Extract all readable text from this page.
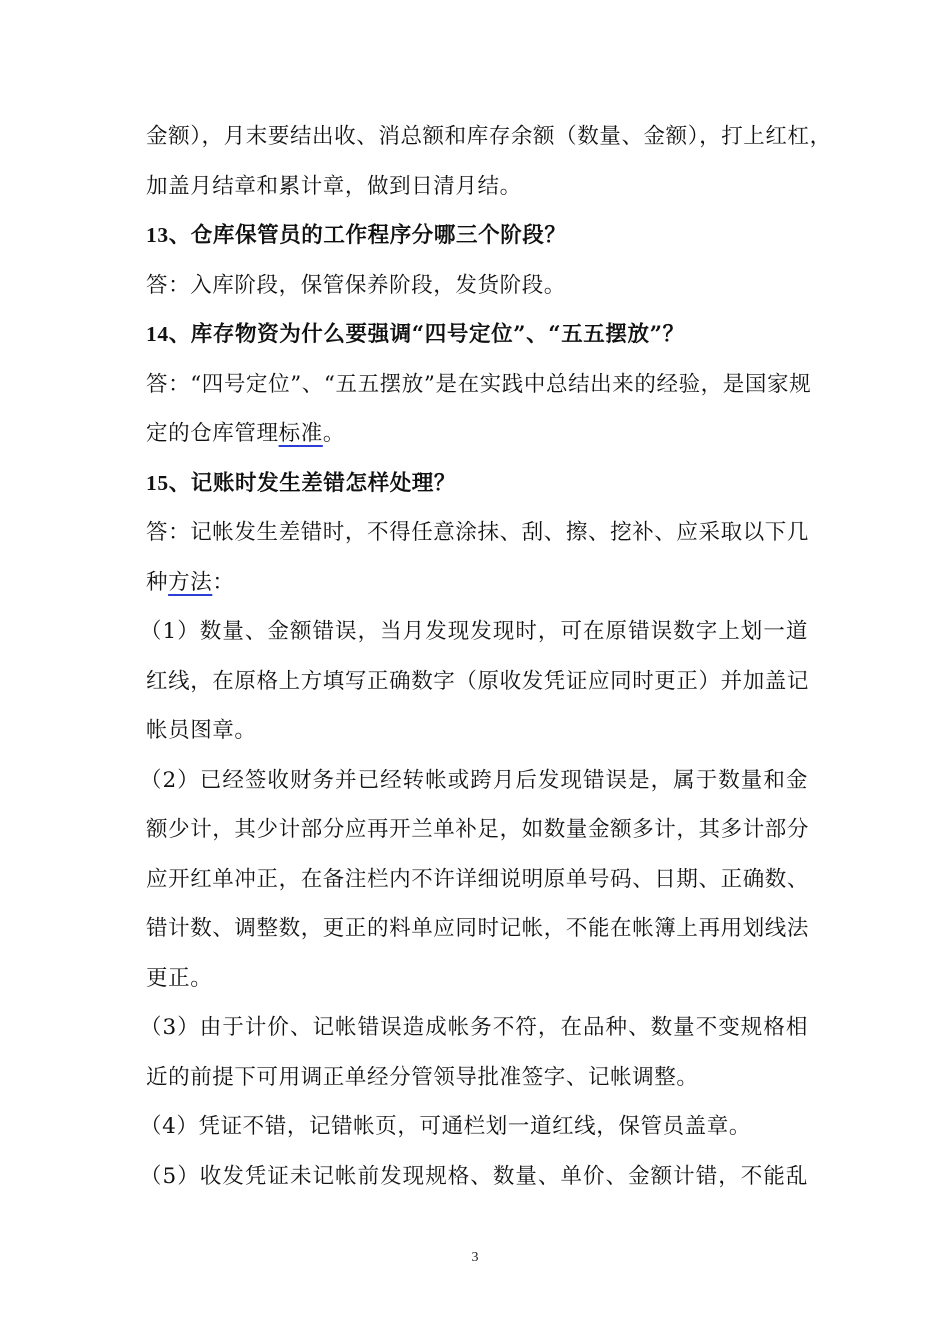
金额），月末要结出收、消总额和库存余额（数量、金额），打上红杠，
加盖月结章和累计章，做到日清月结。
13、仓库保管员的工作程序分哪三个阶段？
答：入库阶段，保管保养阶段，发货阶段。
14、库存物资为什么要强调“四号定位”、“五五摆放”？
答：“四号定位”、“五五摆放”是在实践中总结出来的经验，是国家规
定的仓库管理标准。
15、记账时发生差错怎样处理？
答：记帐发生差错时，不得任意涂抹、刮、擦、挖补、应采取以下几
种方法：
（1）数量、金额错误，当月发现发现时，可在原错误数字上划一道
红线，在原格上方填写正确数字（原收发凭证应同时更正）并加盖记
帐员图章。
（2）已经签收财务并已经转帐或跨月后发现错误是，属于数量和金
额少计，其少计部分应再开兰单补足，如数量金额多计，其多计部分
应开红单冲正，在备注栏内不许详细说明原单号码、日期、正确数、
错计数、调整数，更正的料单应同时记帐，不能在帐簿上再用划线法
更正。
（3）由于计价、记帐错误造成帐务不符，在品种、数量不变规格相
近的前提下可用调正单经分管领导批准签字、记帐调整。
（4）凭证不错，记错帐页，可通栏划一道红线，保管员盖章。
（5）收发凭证未记帐前发现规格、数量、单价、金额计错，不能乱
3
